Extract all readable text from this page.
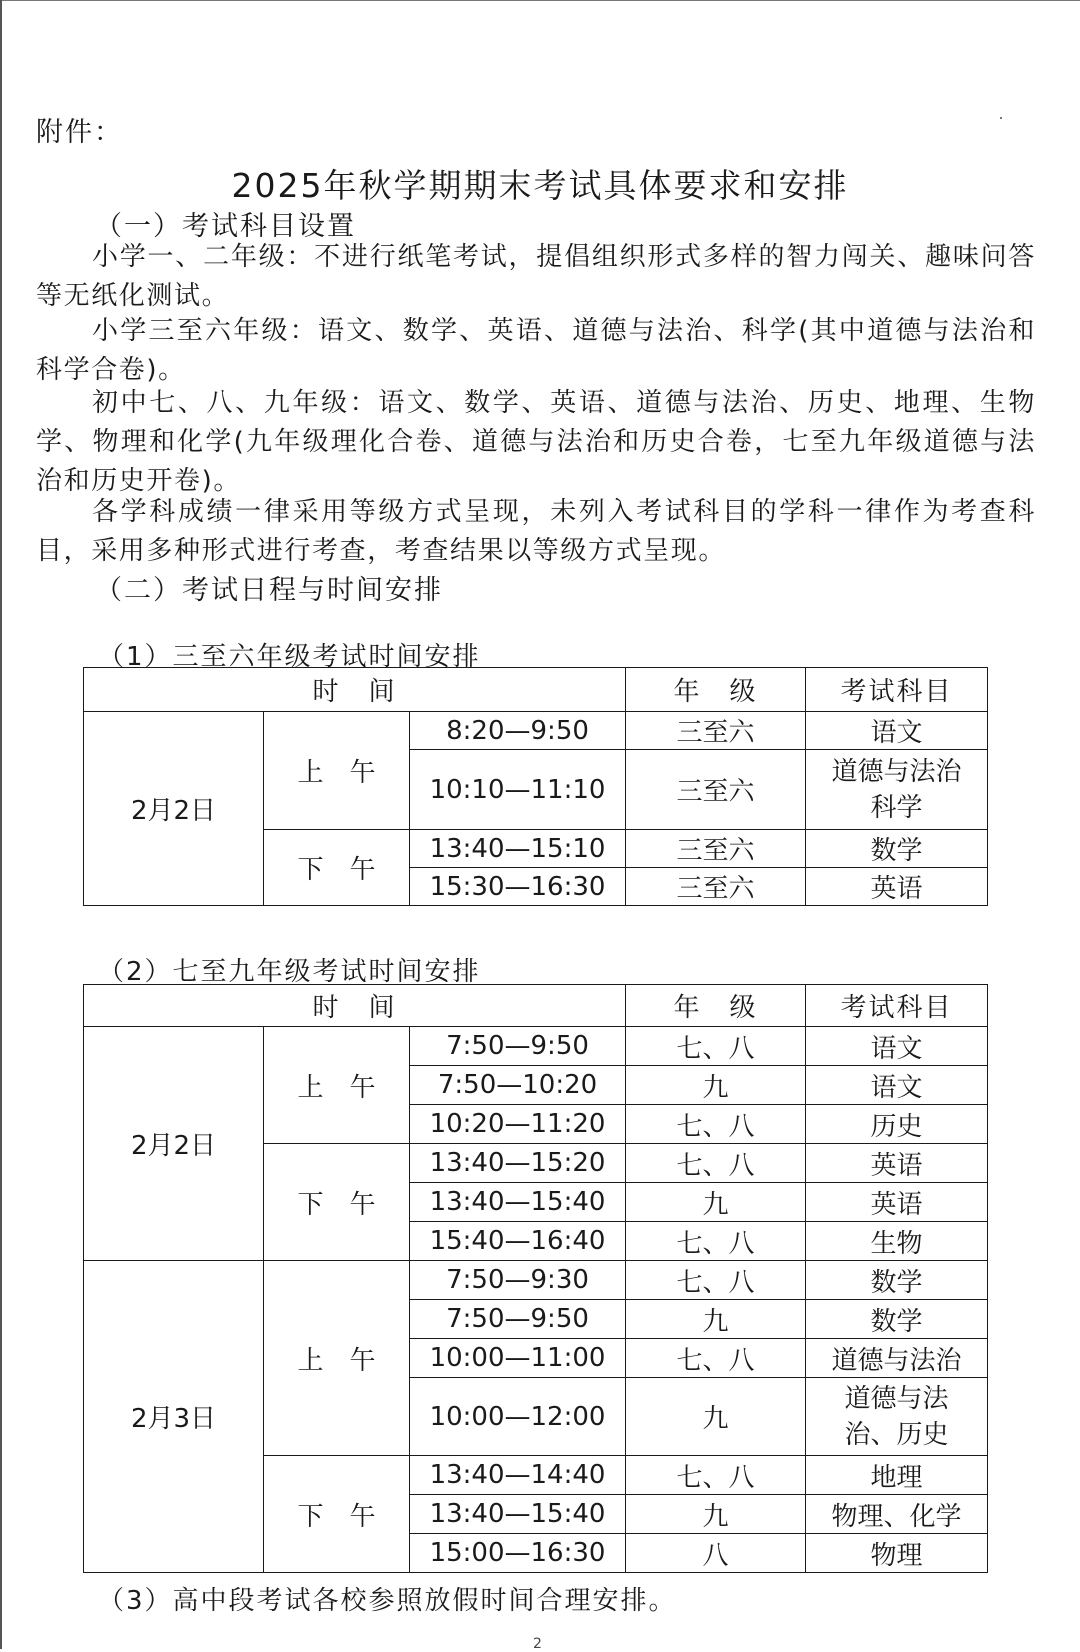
附件：
2025年秋学期期末考试具体要求和安排
（一）考试科目设置

小学一、二年级：不进行纸笔考试，提倡组织形式多样的智力闯关、趣味问答等无纸化测试。

小学三至六年级：语文、数学、英语、道德与法治、科学(其中道德与法治和科学合卷)。

初中七、八、九年级：语文、数学、英语、道德与法治、历史、地理、生物学、物理和化学(九年级理化合卷、道德与法治和历史合卷，七至九年级道德与法治和历史开卷)。

各学科成绩一律采用等级方式呈现，未列入考试科目的学科一律作为考查科目，采用多种形式进行考查，考查结果以等级方式呈现。

（二）考试日程与时间安排
（1）三至六年级考试时间安排
时　间			年　级	考试科目
2月2日	上　午	8:20—9:50	三至六	语文
		10:10—11:10	三至六	道德与法治
科学
	下　午	13:40—15:10	三至六	数学
		15:30—16:30	三至六	英语
（2）七至九年级考试时间安排
时　间			年　级	考试科目
2月2日	上　午	7:50—9:50	七、八	语文
		7:50—10:20	九	语文
		10:20—11:20	七、八	历史
	下　午	13:40—15:20	七、八	英语
		13:40—15:40	九	英语
		15:40—16:40	七、八	生物
2月3日	上　午	7:50—9:30	七、八	数学
		7:50—9:50	九	数学
		10:00—11:00	七、八	道德与法治
		10:00—12:00	九	道德与法
治、历史
	下　午	13:40—14:40	七、八	地理
		13:40—15:40	九	物理、化学
		15:00—16:30	八	物理
（3）高中段考试各校参照放假时间合理安排。
2
